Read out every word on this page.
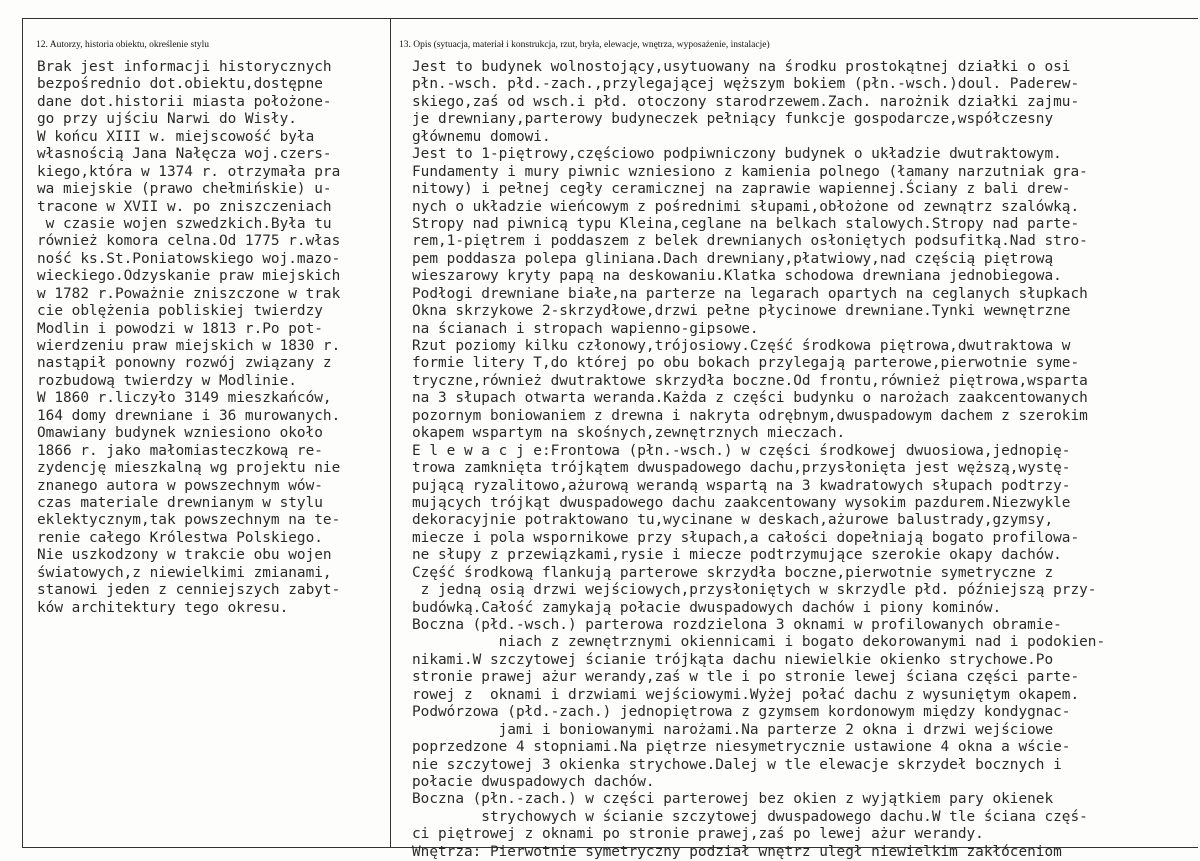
12. Autorzy, historia obiektu, określenie stylu	13. Opis (sytuacja, materiał i konstrukcja, rzut, bryła, elewacje, wnętrza, wyposażenie, instalacje)
Brak jest informacji historycznych
bezpośrednio dot.obiektu,dostępne
dane dot.historii miasta położone-
go przy ujściu Narwi do Wisły.
W końcu XIII w. miejscowość była
własnością Jana Nałęcza woj.czers-
kiego,która w 1374 r. otrzymała pra
wa miejskie (prawo chełmińskie) u-
tracone w XVII w. po zniszczeniach
w czasie wojen szwedzkich.Była tu
również komora celna.Od 1775 r.włas
ność ks.St.Poniatowskiego woj.mazo-
wieckiego.Odzyskanie praw miejskich
w 1782 r.Poważnie zniszczone w trak
cie oblężenia pobliskiej twierdzy
Modlin i powodzi w 1813 r.Po pot-
wierdzeniu praw miejskich w 1830 r.
nastąpił ponowny rozwój związany z
rozbudową twierdzy w Modlinie.
W 1860 r.liczyło 3149 mieszkańców,
164 domy drewniane i 36 murowanych.
Omawiany budynek wzniesiono około
1866 r. jako małomiasteczkową re-
zydencję mieszkalną wg projektu nie
znanego autora w powszechnym wów-
czas materiale drewnianym w stylu
eklektycznym,tak powszechnym na te-
renie całego Królestwa Polskiego.
Nie uszkodzony w trakcie obu wojen
światowych,z niewielkimi zmianami,
stanowi jeden z cenniejszych zabyt-
ków architektury tego okresu.
Jest to budynek wolnostojący,usytuowany na środku prostokątnej działki o osi
płn.-wsch. płd.-zach.,przylegającej węższym bokiem (płn.-wsch.)doul. Paderew-
skiego,zaś od wsch.i płd. otoczony starodrzewem.Zach. narożnik działki zajmu-
je drewniany,parterowy budyneczek pełniący funkcje gospodarcze,współczesny
głównemu domowi.
Jest to 1-piętrowy,częściowo podpiwniczony budynek o układzie dwutraktowym.
Fundamenty i mury piwnic wzniesiono z kamienia polnego (łamany narzutniak gra-
nitowy) i pełnej cegły ceramicznej na zaprawie wapiennej.Ściany z bali drew-
nych o układzie wieńcowym z pośrednimi słupami,obłożone od zewnątrz szalówką.
Stropy nad piwnicą typu Kleina,ceglane na belkach stalowych.Stropy nad parte-
rem,1-piętrem i poddaszem z belek drewnianych osłoniętych podsufitką.Nad stro-
pem poddasza polepa gliniana.Dach drewniany,płatwiowy,nad częścią piętrową
wieszarowy kryty papą na deskowaniu.Klatka schodowa drewniana jednobiegowa.
Podłogi drewniane białe,na parterze na legarach opartych na ceglanych słupkach
Okna skrzykowe 2-skrzydłowe,drzwi pełne płycinowe drewniane.Tynki wewnętrzne
na ścianach i stropach wapienno-gipsowe.
Rzut poziomy kilku członowy,trójosiowy.Część środkowa piętrowa,dwutraktowa w
formie litery T,do której po obu bokach przylegają parterowe,pierwotnie syme-
tryczne,również dwutraktowe skrzydła boczne.Od frontu,również piętrowa,wsparta
na 3 słupach otwarta weranda.Każda z części budynku o narożach zaakcentowanych
pozornym boniowaniem z drewna i nakryta odrębnym,dwuspadowym dachem z szerokim
okapem wspartym na skośnych,zewnętrznych mieczach.
E l e w a c j e:Frontowa (płn.-wsch.) w części środkowej dwuosiowa,jednopię-
trowa zamknięta trójkątem dwuspadowego dachu,przysłonięta jest węższą,wystę-
pującą ryzalitowo,ażurową werandą wspartą na 3 kwadratowych słupach podtrzy-
mujących trójkąt dwuspadowego dachu zaakcentowany wysokim pazdurem.Niezwykle
dekoracyjnie potraktowano tu,wycinane w deskach,ażurowe balustrady,gzymsy,
miecze i pola wspornikowe przy słupach,a całości dopełniają bogato profilowa-
ne słupy z przewiązkami,rysie i miecze podtrzymujące szerokie okapy dachów.
Część środkową flankują parterowe skrzydła boczne,pierwotnie symetryczne z
z jedną osią drzwi wejściowych,przysłoniętych w skrzydle płd. późniejszą przy-
budówką.Całość zamykają połacie dwuspadowych dachów i piony kominów.
Boczna (płd.-wsch.) parterowa rozdzielona 3 oknami w profilowanych obramie-
niach z zewnętrznymi okiennicami i bogato dekorowanymi nad i podokien-
nikami.W szczytowej ścianie trójkąta dachu niewielkie okienko strychowe.Po
stronie prawej ażur werandy,zaś w tle i po stronie lewej ściana części parte-
rowej z  oknami i drzwiami wejściowymi.Wyżej połać dachu z wysuniętym okapem.
Podwórzowa (płd.-zach.) jednopiętrowa z gzymsem kordonowym między kondygnac-
jami i boniowanymi narożami.Na parterze 2 okna i drzwi wejściowe
poprzedzone 4 stopniami.Na piętrze niesymetrycznie ustawione 4 okna a wście-
nie szczytowej 3 okienka strychowe.Dalej w tle elewacje skrzydeł bocznych i
połacie dwuspadowych dachów.
Boczna (płn.-zach.) w części parterowej bez okien z wyjątkiem pary okienek
strychowych w ścianie szczytowej dwuspadowego dachu.W tle ściana częś-
ci piętrowej z oknami po stronie prawej,zaś po lewej ażur werandy.
Wnętrza: Pierwotnie symetryczny podział wnętrz uległ niewielkim zakłóceniom
